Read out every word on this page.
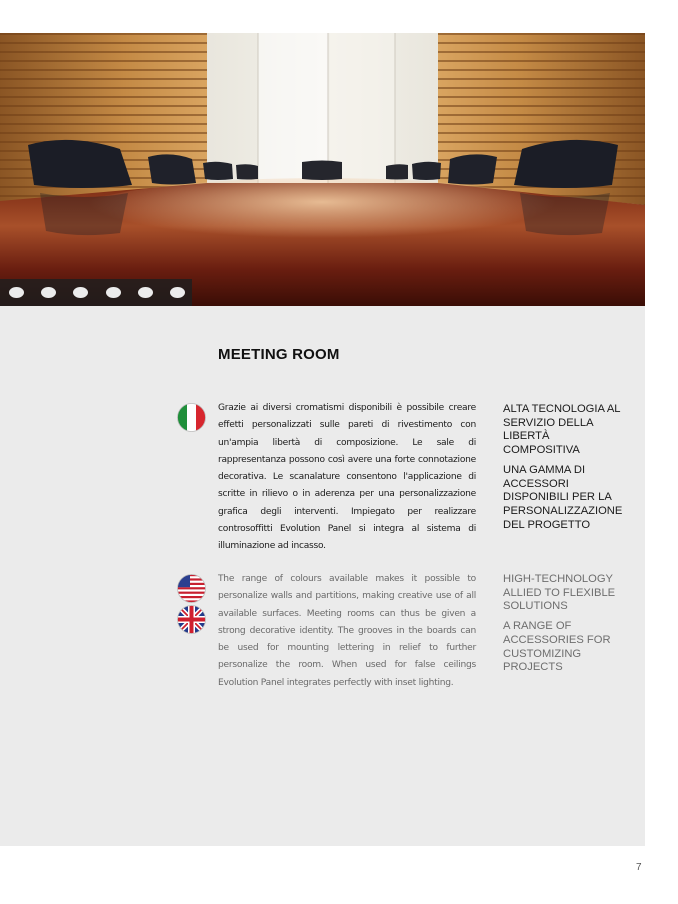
MEETING ROOM

Grazie ai diversi cromatismi disponibili è possibile creare effetti personalizzati sulle pareti di rivestimento con un'ampia libertà di composizione. Le sale di rappresentanza possono così avere una forte connotazione decorativa. Le scanalature consentono l'applicazione di scritte in rilievo o in aderenza per una personalizzazione grafica degli interventi. Impiegato per realizzare controsoffitti Evolution Panel si integra al sistema di illuminazione ad incasso.

ALTA TECNOLOGIA AL SERVIZIO DELLA LIBERTÀ COMPOSITIVA

UNA GAMMA DI ACCESSORI DISPONIBILI PER LA PERSONALIZZAZIONE DEL PROGETTO

The range of colours available makes it possible to personalize walls and partitions, making creative use of all available surfaces. Meeting rooms can thus be given a strong decorative identity. The grooves in the boards can be used for mounting lettering in relief to further personalize the room. When used for false ceilings Evolution Panel integrates perfectly with inset lighting.

HIGH-TECHNOLOGY ALLIED TO FLEXIBLE SOLUTIONS

A RANGE OF ACCESSORIES FOR CUSTOMIZING PROJECTS

7
